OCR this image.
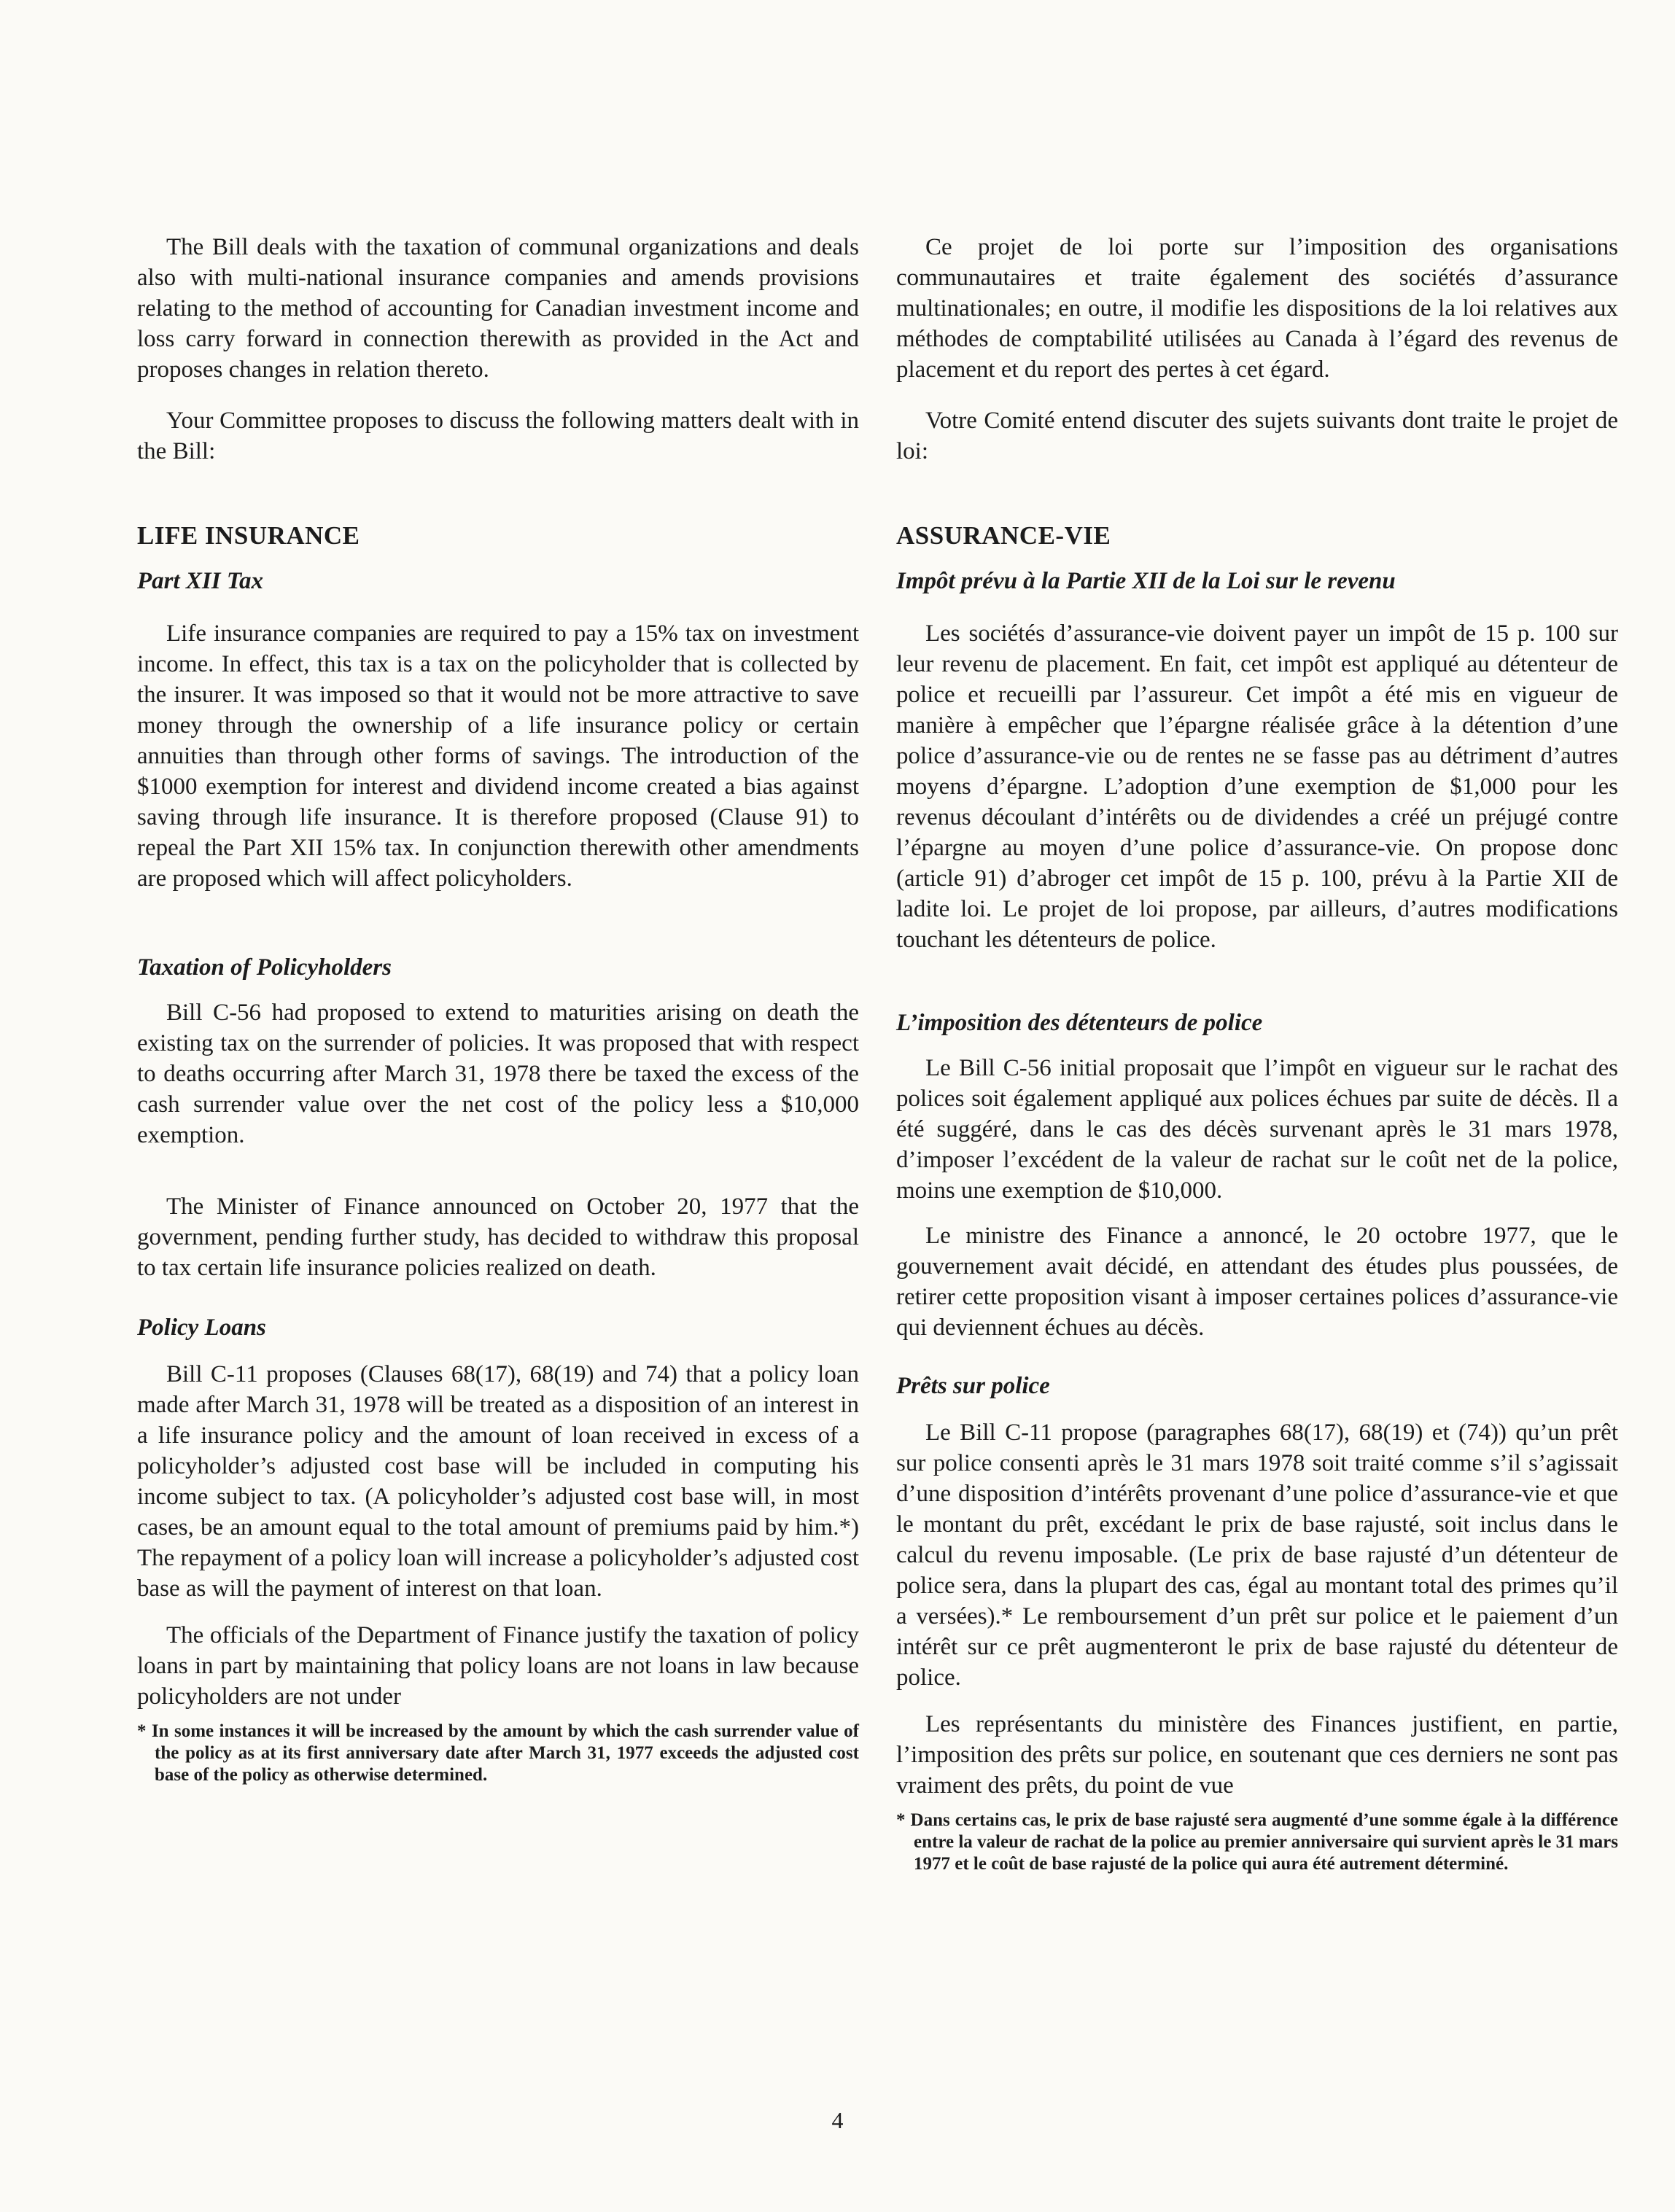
The Bill deals with the taxation of communal organizations and deals also with multi-national insurance companies and amends provisions relating to the method of accounting for Canadian investment income and loss carry forward in connection therewith as provided in the Act and proposes changes in relation thereto.

Your Committee proposes to discuss the following matters dealt with in the Bill:

LIFE INSURANCE
Part XII Tax

Life insurance companies are required to pay a 15% tax on investment income. In effect, this tax is a tax on the policyholder that is collected by the insurer. It was imposed so that it would not be more attractive to save money through the ownership of a life insurance policy or certain annuities than through other forms of savings. The introduction of the $1000 exemption for interest and dividend income created a bias against saving through life insurance. It is therefore proposed (Clause 91) to repeal the Part XII 15% tax. In conjunction therewith other amendments are proposed which will affect policyholders.

Taxation of Policyholders

Bill C-56 had proposed to extend to maturities arising on death the existing tax on the surrender of policies. It was proposed that with respect to deaths occurring after March 31, 1978 there be taxed the excess of the cash surrender value over the net cost of the policy less a $10,000 exemption.

The Minister of Finance announced on October 20, 1977 that the government, pending further study, has decided to withdraw this proposal to tax certain life insurance policies realized on death.

Policy Loans

Bill C-11 proposes (Clauses 68(17), 68(19) and 74) that a policy loan made after March 31, 1978 will be treated as a disposition of an interest in a life insurance policy and the amount of loan received in excess of a policyholder’s adjusted cost base will be included in computing his income subject to tax. (A policyholder’s adjusted cost base will, in most cases, be an amount equal to the total amount of premiums paid by him.*) The repayment of a policy loan will increase a policyholder’s adjusted cost base as will the payment of interest on that loan.

The officials of the Department of Finance justify the taxation of policy loans in part by maintaining that policy loans are not loans in law because policyholders are not under

* In some instances it will be increased by the amount by which the cash surrender value of the policy as at its first anniversary date after March 31, 1977 exceeds the adjusted cost base of the policy as otherwise determined.

Ce projet de loi porte sur l’imposition des organisations communautaires et traite également des sociétés d’assurance multinationales; en outre, il modifie les dispositions de la loi relatives aux méthodes de comptabilité utilisées au Canada à l’égard des revenus de placement et du report des pertes à cet égard.

Votre Comité entend discuter des sujets suivants dont traite le projet de loi:

ASSURANCE-VIE
Impôt prévu à la Partie XII de la Loi sur le revenu

Les sociétés d’assurance-vie doivent payer un impôt de 15 p. 100 sur leur revenu de placement. En fait, cet impôt est appliqué au détenteur de police et recueilli par l’assureur. Cet impôt a été mis en vigueur de manière à empêcher que l’épargne réalisée grâce à la détention d’une police d’assurance-vie ou de rentes ne se fasse pas au détriment d’autres moyens d’épargne. L’adoption d’une exemption de $1,000 pour les revenus découlant d’intérêts ou de dividendes a créé un préjugé contre l’épargne au moyen d’une police d’assurance-vie. On propose donc (article 91) d’abroger cet impôt de 15 p. 100, prévu à la Partie XII de ladite loi. Le projet de loi propose, par ailleurs, d’autres modifications touchant les détenteurs de police.

L’imposition des détenteurs de police

Le Bill C-56 initial proposait que l’impôt en vigueur sur le rachat des polices soit également appliqué aux polices échues par suite de décès. Il a été suggéré, dans le cas des décès survenant après le 31 mars 1978, d’imposer l’excédent de la valeur de rachat sur le coût net de la police, moins une exemption de $10,000.

Le ministre des Finance a annoncé, le 20 octobre 1977, que le gouvernement avait décidé, en attendant des études plus poussées, de retirer cette proposition visant à imposer certaines polices d’assurance-vie qui deviennent échues au décès.

Prêts sur police

Le Bill C-11 propose (paragraphes 68(17), 68(19) et (74)) qu’un prêt sur police consenti après le 31 mars 1978 soit traité comme s’il s’agissait d’une disposition d’intérêts provenant d’une police d’assurance-vie et que le montant du prêt, excédant le prix de base rajusté, soit inclus dans le calcul du revenu imposable. (Le prix de base rajusté d’un détenteur de police sera, dans la plupart des cas, égal au montant total des primes qu’il a versées).* Le remboursement d’un prêt sur police et le paiement d’un intérêt sur ce prêt augmenteront le prix de base rajusté du détenteur de police.

Les représentants du ministère des Finances justifient, en partie, l’imposition des prêts sur police, en soutenant que ces derniers ne sont pas vraiment des prêts, du point de vue

* Dans certains cas, le prix de base rajusté sera augmenté d’une somme égale à la différence entre la valeur de rachat de la police au premier anniversaire qui survient après le 31 mars 1977 et le coût de base rajusté de la police qui aura été autrement déterminé.

4
